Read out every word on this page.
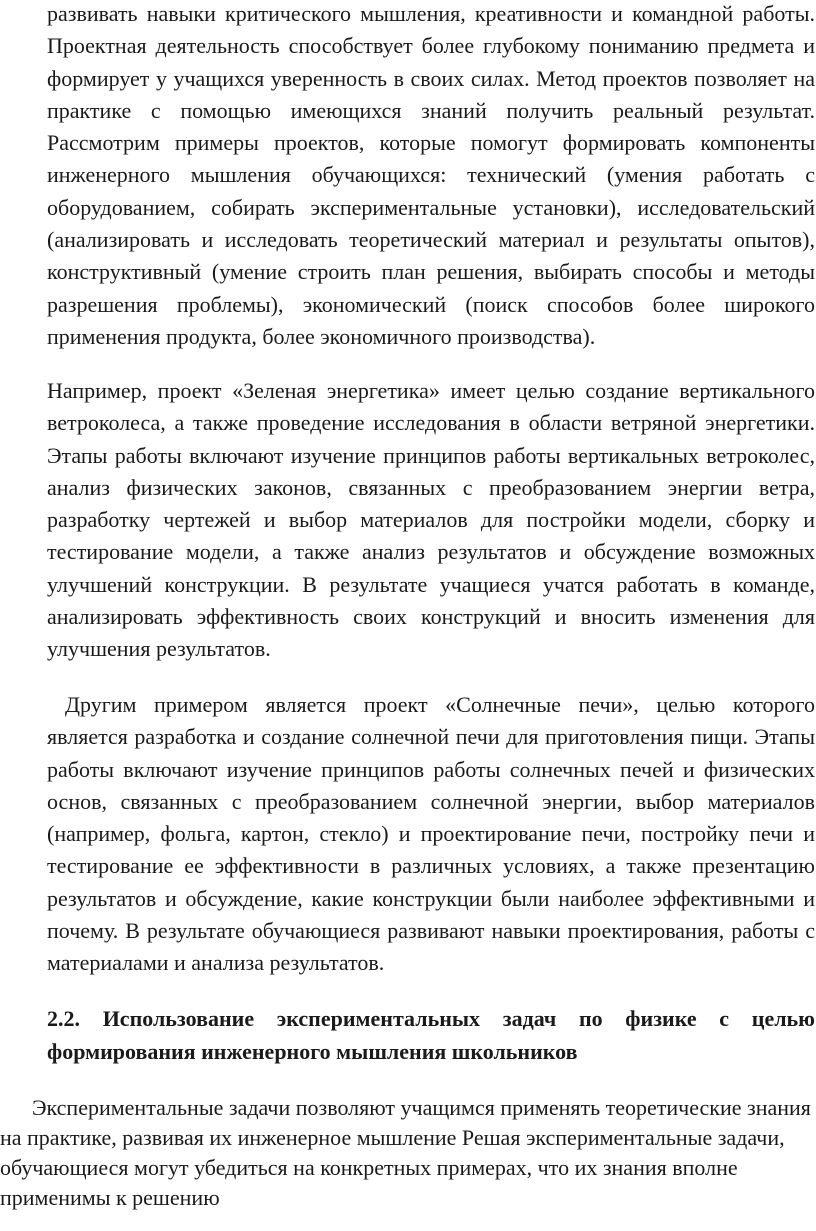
развивать навыки критического мышления, креативности и командной работы. Проектная деятельность способствует более глубокому пониманию предмета и формирует у учащихся уверенность в своих силах. Метод проектов позволяет на практике с помощью имеющихся знаний получить реальный результат. Рассмотрим примеры проектов, которые помогут формировать компоненты инженерного мышления обучающихся: технический (умения работать с оборудованием, собирать экспериментальные установки), исследовательский (анализировать и исследовать теоретический материал и результаты опытов), конструктивный (умение строить план решения, выбирать способы и методы разрешения проблемы), экономический (поиск способов более широкого применения продукта, более экономичного производства).

Например, проект «Зеленая энергетика» имеет целью создание вертикального ветроколеса, а также проведение исследования в области ветряной энергетики. Этапы работы включают изучение принципов работы вертикальных ветроколес, анализ физических законов, связанных с преобразованием энергии ветра, разработку чертежей и выбор материалов для постройки модели, сборку и тестирование модели, а также анализ результатов и обсуждение возможных улучшений конструкции. В результате учащиеся учатся работать в команде, анализировать эффективность своих конструкций и вносить изменения для улучшения результатов.

Другим примером является проект «Солнечные печи», целью которого является разработка и создание солнечной печи для приготовления пищи. Этапы работы включают изучение принципов работы солнечных печей и физических основ, связанных с преобразованием солнечной энергии, выбор материалов (например, фольга, картон, стекло) и проектирование печи, постройку печи и тестирование ее эффективности в различных условиях, а также презентацию результатов и обсуждение, какие конструкции были наиболее эффективными и почему. В результате обучающиеся развивают навыки проектирования, работы с материалами и анализа результатов.

2.2. Использование экспериментальных задач по физике с целью формирования инженерного мышления школьников

Экспериментальные задачи позволяют учащимся применять теоретические знания на практике, развивая их инженерное мышление Решая экспериментальные задачи, обучающиеся могут убедиться на конкретных примерах, что их знания вполне применимы к решению
